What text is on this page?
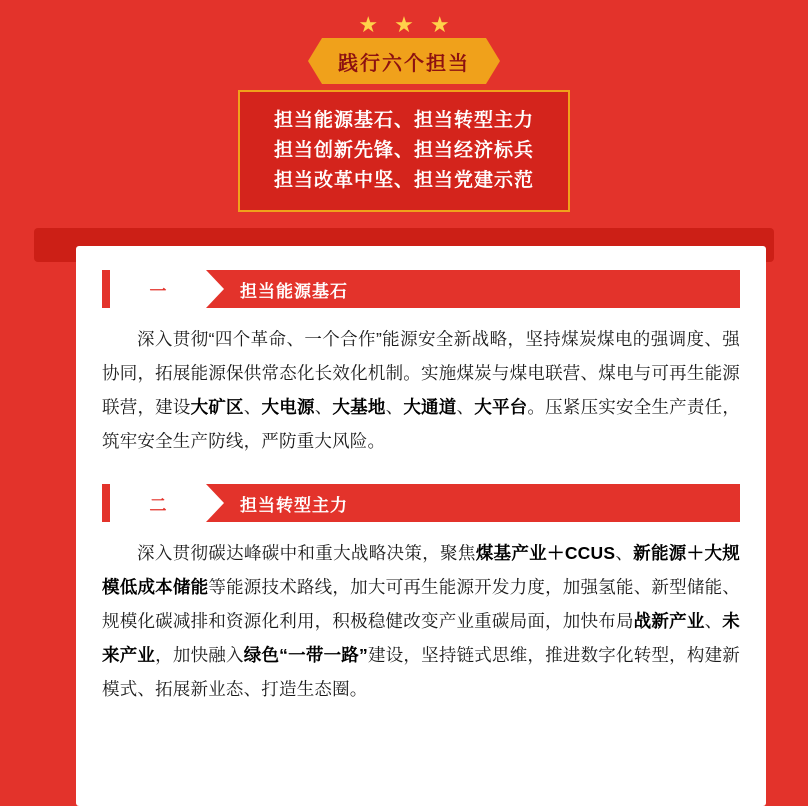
★★★
践行六个担当
担当能源基石、担当转型主力
担当创新先锋、担当经济标兵
担当改革中坚、担当党建示范
一	担当能源基石
深入贯彻“四个革命、一个合作”能源安全新战略，坚持煤炭煤电的强调度、强协同，拓展能源保供常态化长效化机制。实施煤炭与煤电联营、煤电与可再生能源联营，建设大矿区、大电源、大基地、大通道、大平台。压紧压实安全生产责任，筑牢安全生产防线，严防重大风险。
二	担当转型主力
深入贯彻碳达峰碳中和重大战略决策，聚焦煤基产业＋CCUS、新能源＋大规模低成本储能等能源技术路线，加大可再生能源开发力度，加强氢能、新型储能、规模化碳减排和资源化利用，积极稳健改变产业重碳局面，加快布局战新产业、未来产业，加快融入绿色“一带一路”建设，坚持链式思维，推进数字化转型，构建新模式、拓展新业态、打造生态圈。
